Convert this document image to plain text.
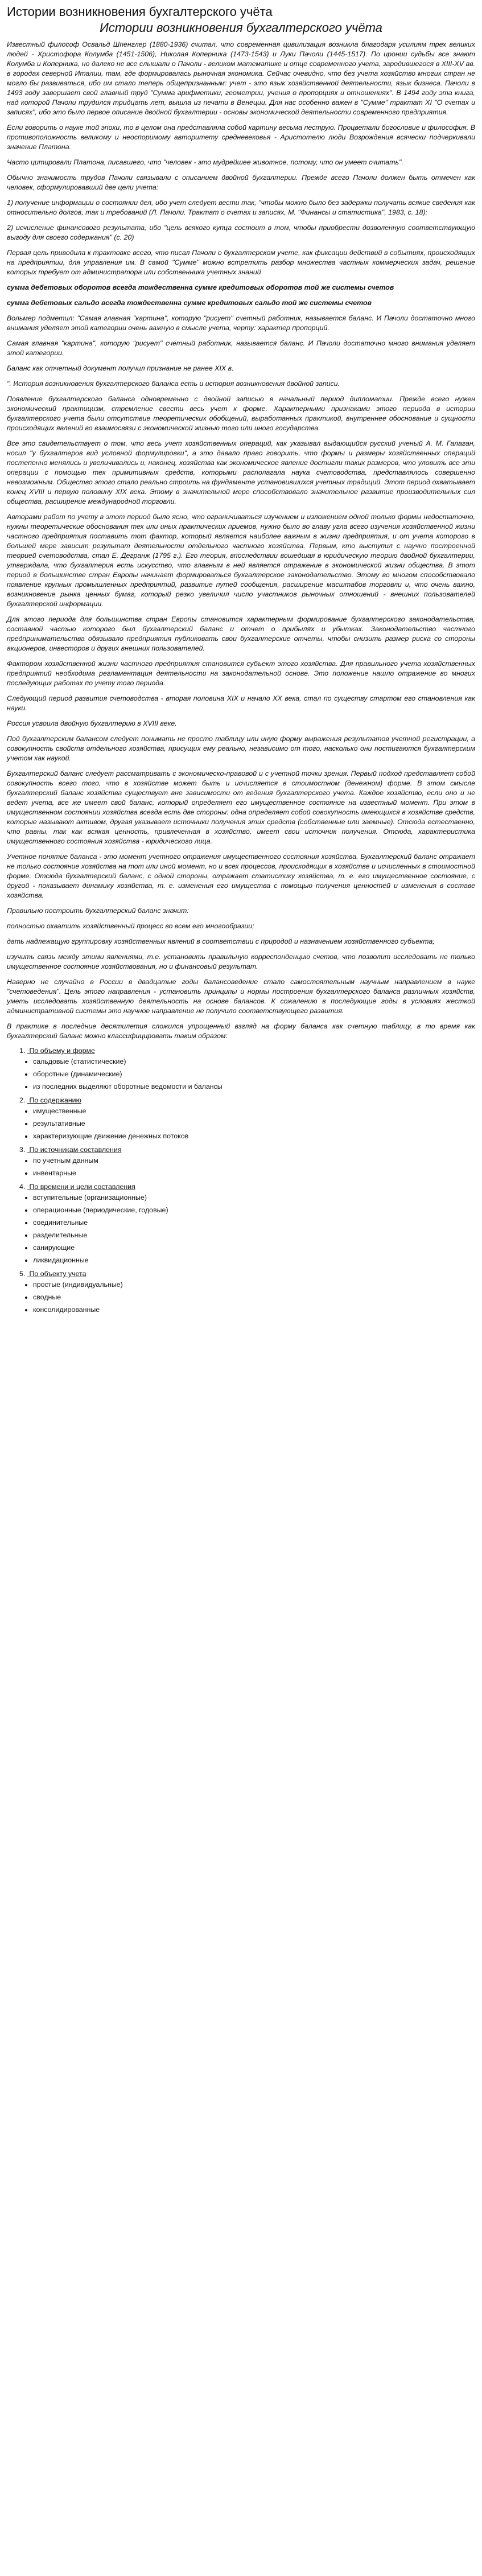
Истории возникновения бухгалтерского учёта
Истории возникновения бухгалтерского учёта

Известный философ Освальд Шпенглер (1880-1936) считал, что современная цивилизация возникла благодаря усилиям трех великих людей - Христофора Колумба (1451-1506), Николая Коперника (1473-1543) и Луки Пачоли (1445-1517). По иронии судьбы все знают Колумба и Коперника, но далеко не все слышали о Пачоли - великом математике и отце современного учета, зародившегося в XIII-XV вв. в городах северной Италии, там, где формировалась рыночная экономика. Сейчас очевидно, что без учета хозяйство многих стран не могло бы развиваться, ибо им стало теперь общепризнанным: учет - это язык хозяйственной деятельности, язык бизнеса. Пачоли в 1493 году завершает свой главный труд "Сумма арифметики, геометрии, учения о пропорциях и отношениях". В 1494 году эта книга, над которой Пачоли трудился тридцать лет, вышла из печати в Венеции. Для нас особенно важен в "Сумме" трактат XI "О счетах и записях", ибо это было первое описание двойной бухгалтерии - основы экономической деятельности современного предприятия.

Если говорить о науке той эпохи, то в целом она представляла собой картину весьма пеструю. Процветали богословие и философия. В противоположность великому и неоспоримому авторитету средневековья - Аристотелю люди Возрождения всячески подчеркивали значение Платона.

Часто цитировали Платона, писавшего, что "человек - это мудрейшее животное, потому, что он умеет считать".

Обычно значимость трудов Пачоли связывали с описанием двойной бухгалтерии. Прежде всего Пачоли должен быть отмечен как человек, сформулировавший две цели учета:

1) получение информации о состоянии дел, ибо учет следует вести так, "чтобы можно было без задержки получать всякие сведения как относительно долгов, так и требований (Л. Пачоли. Трактат о счетах и записях, М. "Финансы и статистика", 1983, с. 18);

2) исчисление финансового результата, ибо "цель всякого купца состоит в том, чтобы приобрести дозволенную соответствующую выгоду для своего содержания" (с. 20)

Первая цель приводила к трактовке всего, что писал Пачоли о бухгалтерском учете, как фиксации действий в событиях, происходящих на предприятии, для управления им. В самой "Сумме" можно встретить разбор множества частных коммерческих задач, решение которых требует от администратора или собственника учетных знаний

сумма дебетовых оборотов всегда тождественна сумме кредитовых оборотов той же системы счетов

сумма дебетовых сальдо всегда тождественна сумме кредитовых сальдо той же системы счетов

Вольмер подметил: "Самая главная "картина", которую "рисует" счетный работник, называется баланс. И Пачоли достаточно много внимания уделяет этой категории очень важную в смысле учета, черту: характер пропорций.

Самая главная "картина", которую "рисует" счетный работник, называется баланс. И Пачоли достаточно много внимания уделяет этой категории.

Баланс как отчетный документ получил признание не ранее XIX в.

". История возникновения бухгалтерского баланса есть и история возникновения двойной записи.

Появление бухгалтерского баланса одновременно с двойной записью в начальный период дипломатии. Прежде всего нужен экономический практицизм, стремление свести весь учет к форме. Характерными признаками этого периода в истории бухгалтерского учета были отсутствие теоретических обобщений, выработанных практикой, внутреннее обоснование и сущности происходящих явлений во взаимосвязи с экономической жизнью того или иного государства.

Все это свидетельствует о том, что весь учет хозяйственных операций, как указывал выдающийся русский ученый А. М. Галаган, носил "у бухгалтеров вид условной формулировки", а это давало право говорить, что формы и размеры хозяйственных операций постепенно менялись и увеличивались и, наконец, хозяйства как экономическое явление достигли таких размеров, что уловить все эти операции с помощью тех примитивных средств, которыми располагала наука счетоводства, представлялось совершенно невозможным. Общество этого стало реально строить на фундаменте установившихся учетных традиций. Этот период охватывает конец XVIII и первую половину XIX века. Этому в значительной мере способствовало значительное развитие производительных сил общества, расширение международной торговли.

Авторами работ по учету в этот период было ясно, что ограничиваться изучением и изложением одной только формы недостаточно, нужны теоретические обоснования тех или иных практических приемов, нужно было во главу угла всего изучения хозяйственной жизни частного предприятия поставить тот фактор, который является наиболее важным в жизни предприятия, и от учета которого в большей мере зависит результат деятельности отдельного частного хозяйства. Первым, кто выступил с научно построенной теорией счетоводства, стал Е. Дегранж (1795 г.). Его теория, впоследствии вошедшая в юридическую теорию двойной бухгалтерии, утверждала, что бухгалтерия есть искусство, что главным в ней является отражение в экономической жизни общества. В этот период в большинстве стран Европы начинает формироваться бухгалтерское законодательство. Этому во многом способствовало появление крупных промышленных предприятий, развитие путей сообщения, расширение масштабов торговли и, что очень важно, возникновение рынка ценных бумаг, который резко увеличил число участников рыночных отношений - внешних пользователей бухгалтерской информации.

Для этого периода для большинства стран Европы становится характерным формирование бухгалтерского законодательства, составной частью которого был бухгалтерский баланс и отчет о прибылях и убытках. Законодательство частного предпринимательства обязывало предприятия публиковать свои бухгалтерские отчеты, чтобы снизить размер риска со стороны акционеров, инвесторов и других внешних пользователей.

Фактором хозяйственной жизни частного предприятия становится субъект этого хозяйства. Для правильного учета хозяйственных предприятий необходима регламентация деятельности на законодательной основе. Это положение нашло отражение во многих последующих работах по учету того периода.

Следующий период развития счетоводства - вторая половина XIX и начало XX века, стал по существу стартом его становления как науки.

Россия усвоила двойную бухгалтерию в XVIII веке.

Под бухгалтерским балансом следует понимать не просто таблицу или иную форму выражения результатов учетной регистрации, а совокупность свойств отдельного хозяйства, присущих ему реально, независимо от того, насколько они постигаются бухгалтерским учетом как наукой.

Бухгалтерский баланс следует рассматривать с экономическо-правовой и с учетной точки зрения. Первый подход представляет собой совокупность всего того, что в хозяйстве может быть и исчисляется в стоимостном (денежном) форме. В этом смысле бухгалтерский баланс хозяйства существует вне зависимости от ведения бухгалтерского учета. Каждое хозяйство, если оно и не ведет учета, все же имеет свой баланс, который определяет его имущественное состояние на известный момент. При этом в имущественном состоянии хозяйства всегда есть две стороны: одна определяет собой совокупность имеющихся в хозяйстве средств, которые называют активом, другая указывает источники получения этих средств (собственные или заемные). Отсюда естественно, что равны, так как всякая ценность, привлеченная в хозяйство, имеет свои источник получения. Отсюда, характеристика имущественного состояния хозяйства - юридического лица.

Учетное понятие баланса - это момент учетного отражения имущественного состояния хозяйства. Бухгалтерский баланс отражает не только состояние хозяйства на тот или иной момент, но и всех процессов, происходящих в хозяйстве и исчисленных в стоимостной форме. Отсюда бухгалтерский баланс, с одной стороны, отражает статистику хозяйства, т. е. его имущественное состояние, с другой - показывает динамику хозяйства, т. е. изменения его имущества с помощью получения ценностей и изменения в составе хозяйства.

Правильно построить бухгалтерский баланс значит:

полностью охватить хозяйственный процесс во всем его многообразии;

дать надлежащую группировку хозяйственных явлений в соответствии с природой и назначением хозяйственного субъекта;

изучить связь между этими явлениями, т.е. установить правильную корреспонденцию счетов, что позволит исследовать не только имущественное состояние хозяйствования, но и финансовый результат.

Наверно не случайно в России в двадцатые годы балансоведение стало самостоятельным научным направлением в науке "счетоведения". Цель этого направления - установить принципы и нормы построения бухгалтерского баланса различных хозяйств, уметь исследовать хозяйственную деятельность на основе балансов. К сожалению в последующие годы в условиях жесткой административной системы это научное направление не получило соответствующего развития.

В практике в последние десятилетия сложился упрощенный взгляд на форму баланса как счетную таблицу, в то время как бухгалтерский баланс можно классифицировать таким образом:

1. По объему и форме
• сальдовые (статистические)
• оборотные (динамические)
• из последних выделяют оборотные ведомости и балансы
2. По содержанию
• имущественные
• результативные
• характеризующие движение денежных потоков
3. По источникам составления
• по учетным данным
• инвентарные
4. По времени и цели составления
• вступительные (организационные)
• операционные (периодические, годовые)
• соединительные
• разделительные
• санирующие
• ликвидационные
5. По объекту учета
• простые (индивидуальные)
• сводные
• консолидированные
